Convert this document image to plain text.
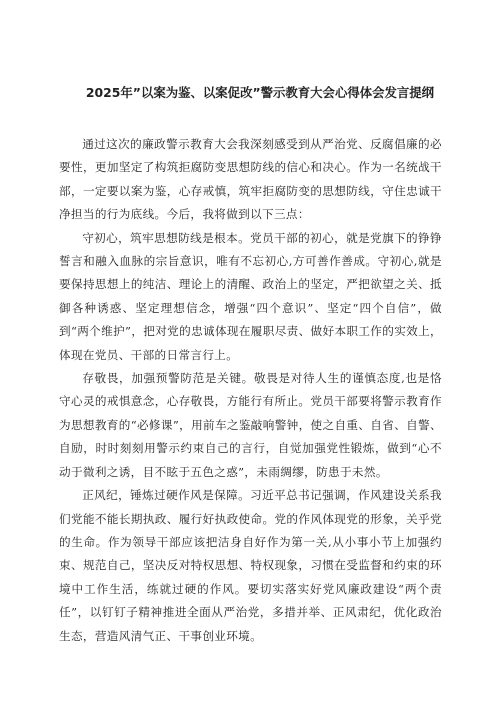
2025年”以案为鉴、以案促改”警示教育大会心得体会发言提纲

通过这次的廉政警示教育大会我深刻感受到从严治党、反腐倡廉的必要性，更加坚定了构筑拒腐防变思想防线的信心和决心。作为一名统战干部，一定要以案为鉴，心存戒慎，筑牢拒腐防变的思想防线，守住忠诚干净担当的行为底线。今后，我将做到以下三点：

守初心，筑牢思想防线是根本。党员干部的初心，就是党旗下的铮铮誓言和融入血脉的宗旨意识，唯有不忘初心,方可善作善成。守初心,就是要保持思想上的纯洁、理论上的清醒、政治上的坚定，严把欲望之关、抵御各种诱惑、坚定理想信念，增强“四个意识”、坚定“四个自信”，做到“两个维护”，把对党的忠诚体现在履职尽责、做好本职工作的实效上，体现在党员、干部的日常言行上。

存敬畏，加强预警防范是关键。敬畏是对待人生的谨慎态度,也是恪守心灵的戒惧意念，心存敬畏，方能行有所止。党员干部要将警示教育作为思想教育的“必修课”，用前车之鉴敲响警钟，使之自重、自省、自警、自励，时时刻刻用警示约束自己的言行，自觉加强党性锻炼，做到“心不动于微利之诱，目不眩于五色之惑”，未雨绸缪，防患于未然。

正风纪，锤炼过硬作风是保障。习近平总书记强调，作风建设关系我们党能不能长期执政、履行好执政使命。党的作风体现党的形象，关乎党的生命。作为领导干部应该把洁身自好作为第一关,从小事小节上加强约束、规范自己，坚决反对特权思想、特权现象，习惯在受监督和约束的环境中工作生活，练就过硬的作风。要切实落实好党风廉政建设“两个责任”，以钉钉子精神推进全面从严治党，多措并举、正风肃纪，优化政治生态，营造风清气正、干事创业环境。
